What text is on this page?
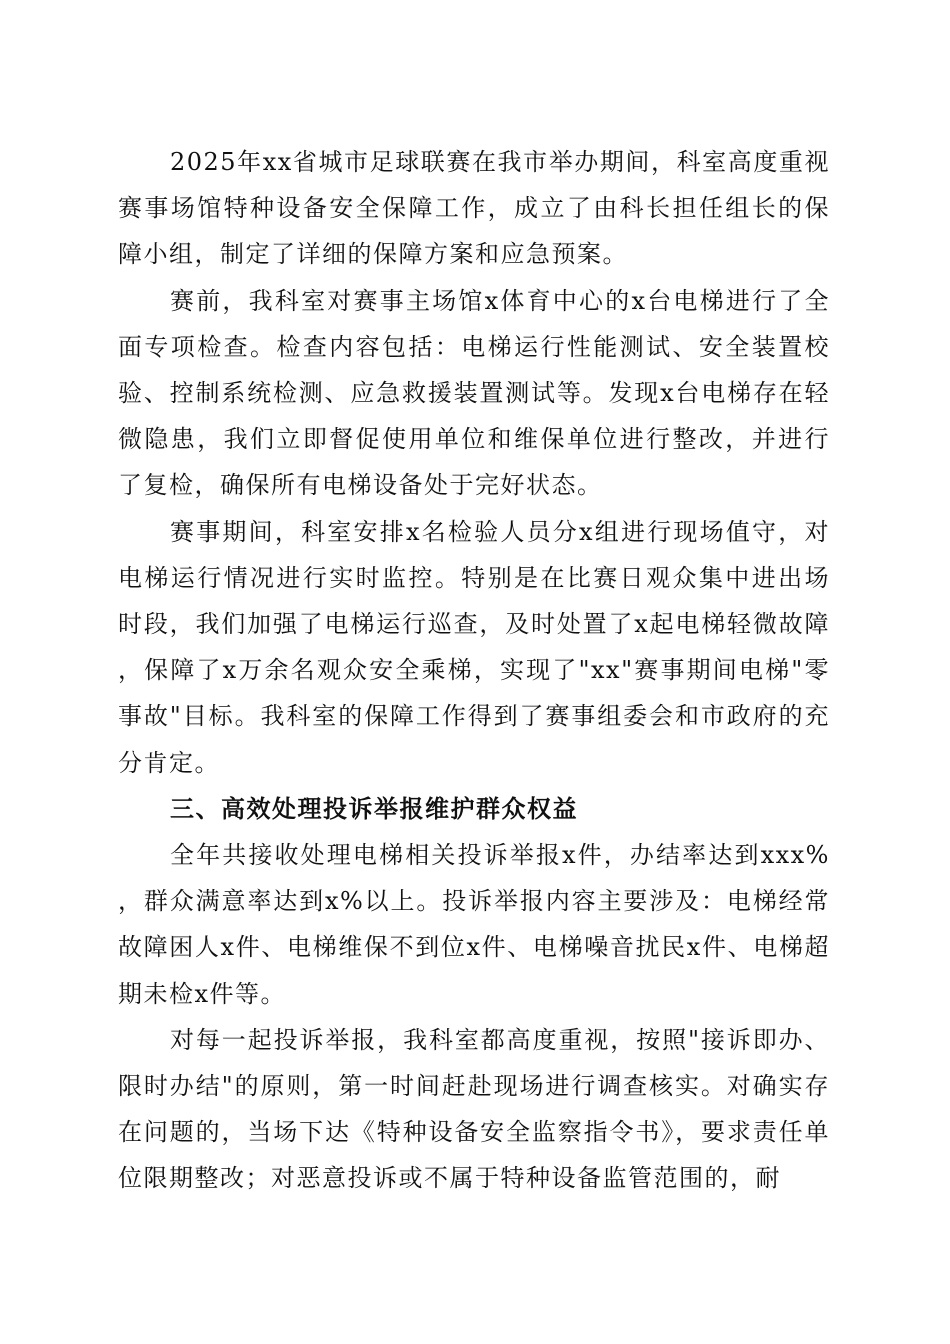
2025年xx省城市足球联赛在我市举办期间，科室高度重视赛事场馆特种设备安全保障工作，成立了由科长担任组长的保障小组，制定了详细的保障方案和应急预案。

赛前，我科室对赛事主场馆x体育中心的x台电梯进行了全面专项检查。检查内容包括：电梯运行性能测试、安全装置校验、控制系统检测、应急救援装置测试等。发现x台电梯存在轻微隐患，我们立即督促使用单位和维保单位进行整改，并进行了复检，确保所有电梯设备处于完好状态。

赛事期间，科室安排x名检验人员分x组进行现场值守，对电梯运行情况进行实时监控。特别是在比赛日观众集中进出场时段，我们加强了电梯运行巡查，及时处置了x起电梯轻微故障，保障了x万余名观众安全乘梯，实现了"xx"赛事期间电梯"零事故"目标。我科室的保障工作得到了赛事组委会和市政府的充分肯定。

三、高效处理投诉举报维护群众权益

全年共接收处理电梯相关投诉举报x件，办结率达到xxx%，群众满意率达到x%以上。投诉举报内容主要涉及：电梯经常故障困人x件、电梯维保不到位x件、电梯噪音扰民x件、电梯超期未检x件等。

对每一起投诉举报，我科室都高度重视，按照"接诉即办、限时办结"的原则，第一时间赶赴现场进行调查核实。对确实存在问题的，当场下达《特种设备安全监察指令书》，要求责任单位限期整改；对恶意投诉或不属于特种设备监管范围的，耐
